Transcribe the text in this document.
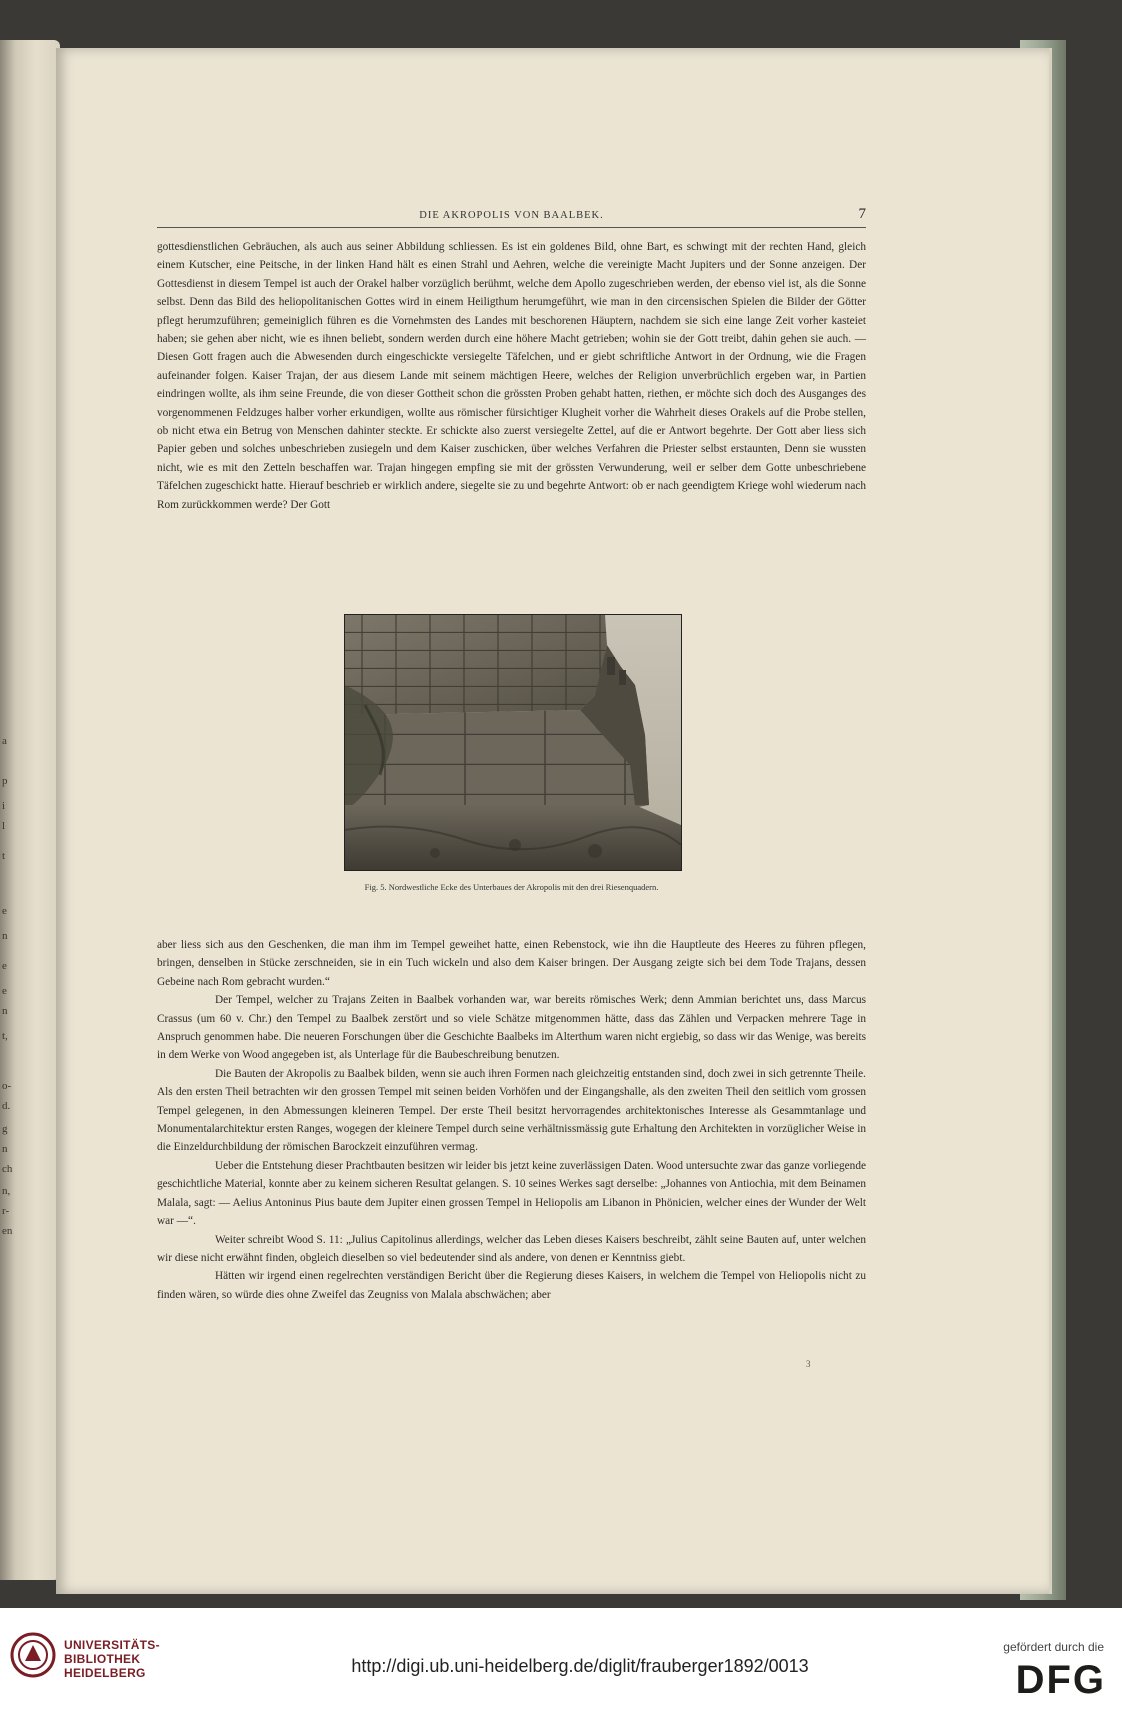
a
p
i
l
t
e
n
e
e
n
t,
o-
d.
g
n
ch
n,
r-
en
DIE AKROPOLIS VON BAALBEK.	7

gottesdienstlichen Gebräuchen, als auch aus seiner Abbildung schliessen. Es ist ein goldenes Bild, ohne Bart, es schwingt mit der rechten Hand, gleich einem Kutscher, eine Peitsche, in der linken Hand hält es einen Strahl und Aehren, welche die vereinigte Macht Jupiters und der Sonne anzeigen. Der Gottesdienst in diesem Tempel ist auch der Orakel halber vorzüglich berühmt, welche dem Apollo zugeschrieben werden, der ebenso viel ist, als die Sonne selbst. Denn das Bild des heliopolitanischen Gottes wird in einem Heiligthum herumgeführt, wie man in den circensischen Spielen die Bilder der Götter pflegt herumzuführen; gemeiniglich führen es die Vornehmsten des Landes mit beschorenen Häuptern, nachdem sie sich eine lange Zeit vorher kasteiet haben; sie gehen aber nicht, wie es ihnen beliebt, sondern werden durch eine höhere Macht getrieben; wohin sie der Gott treibt, dahin gehen sie auch. — Diesen Gott fragen auch die Abwesenden durch eingeschickte versiegelte Täfelchen, und er giebt schriftliche Antwort in der Ordnung, wie die Fragen aufeinander folgen. Kaiser Trajan, der aus diesem Lande mit seinem mächtigen Heere, welches der Religion unverbrüchlich ergeben war, in Partien eindringen wollte, als ihm seine Freunde, die von dieser Gottheit schon die grössten Proben gehabt hatten, riethen, er möchte sich doch des Ausganges des vorgenommenen Feldzuges halber vorher erkundigen, wollte aus römischer fürsichtiger Klugheit vorher die Wahrheit dieses Orakels auf die Probe stellen, ob nicht etwa ein Betrug von Menschen dahinter steckte. Er schickte also zuerst versiegelte Zettel, auf die er Antwort begehrte. Der Gott aber liess sich Papier geben und solches unbeschrieben zusiegeln und dem Kaiser zuschicken, über welches Verfahren die Priester selbst erstaunten, Denn sie wussten nicht, wie es mit den Zetteln beschaffen war. Trajan hingegen empfing sie mit der grössten Verwunderung, weil er selber dem Gotte unbeschriebene Täfelchen zugeschickt hatte. Hierauf beschrieb er wirklich andere, siegelte sie zu und begehrte Antwort: ob er nach geendigtem Kriege wohl wiederum nach Rom zurückkommen werde? Der Gott

Fig. 5. Nordwestliche Ecke des Unterbaues der Akropolis mit den drei Riesenquadern.

aber liess sich aus den Geschenken, die man ihm im Tempel geweihet hatte, einen Rebenstock, wie ihn die Hauptleute des Heeres zu führen pflegen, bringen, denselben in Stücke zerschneiden, sie in ein Tuch wickeln und also dem Kaiser bringen. Der Ausgang zeigte sich bei dem Tode Trajans, dessen Gebeine nach Rom gebracht wurden.“

Der Tempel, welcher zu Trajans Zeiten in Baalbek vorhanden war, war bereits römisches Werk; denn Ammian berichtet uns, dass Marcus Crassus (um 60 v. Chr.) den Tempel zu Baalbek zerstört und so viele Schätze mitgenommen hätte, dass das Zählen und Verpacken mehrere Tage in Anspruch genommen habe. Die neueren Forschungen über die Geschichte Baalbeks im Alterthum waren nicht ergiebig, so dass wir das Wenige, was bereits in dem Werke von Wood angegeben ist, als Unterlage für die Baubeschreibung benutzen.

Die Bauten der Akropolis zu Baalbek bilden, wenn sie auch ihren Formen nach gleichzeitig entstanden sind, doch zwei in sich getrennte Theile. Als den ersten Theil betrachten wir den grossen Tempel mit seinen beiden Vorhöfen und der Eingangshalle, als den zweiten Theil den seitlich vom grossen Tempel gelegenen, in den Abmessungen kleineren Tempel. Der erste Theil besitzt hervorragendes architektonisches Interesse als Gesammtanlage und Monumentalarchitektur ersten Ranges, wogegen der kleinere Tempel durch seine verhältnissmässig gute Erhaltung den Architekten in vorzüglicher Weise in die Einzeldurchbildung der römischen Barockzeit einzuführen vermag.

Ueber die Entstehung dieser Prachtbauten besitzen wir leider bis jetzt keine zuverlässigen Daten. Wood untersuchte zwar das ganze vorliegende geschichtliche Material, konnte aber zu keinem sicheren Resultat gelangen. S. 10 seines Werkes sagt derselbe: „Johannes von Antiochia, mit dem Beinamen Malala, sagt: — Aelius Antoninus Pius baute dem Jupiter einen grossen Tempel in Heliopolis am Libanon in Phönicien, welcher eines der Wunder der Welt war —“.

Weiter schreibt Wood S. 11: „Julius Capitolinus allerdings, welcher das Leben dieses Kaisers beschreibt, zählt seine Bauten auf, unter welchen wir diese nicht erwähnt finden, obgleich dieselben so viel bedeutender sind als andere, von denen er Kenntniss giebt.

Hätten wir irgend einen regelrechten verständigen Bericht über die Regierung dieses Kaisers, in welchem die Tempel von Heliopolis nicht zu finden wären, so würde dies ohne Zweifel das Zeugniss von Malala abschwächen; aber

3
UNIVERSITÄTS-
BIBLIOTHEK
HEIDELBERG	http://digi.ub.uni-heidelberg.de/diglit/frauberger1892/0013
gefördert durch die
DFG
